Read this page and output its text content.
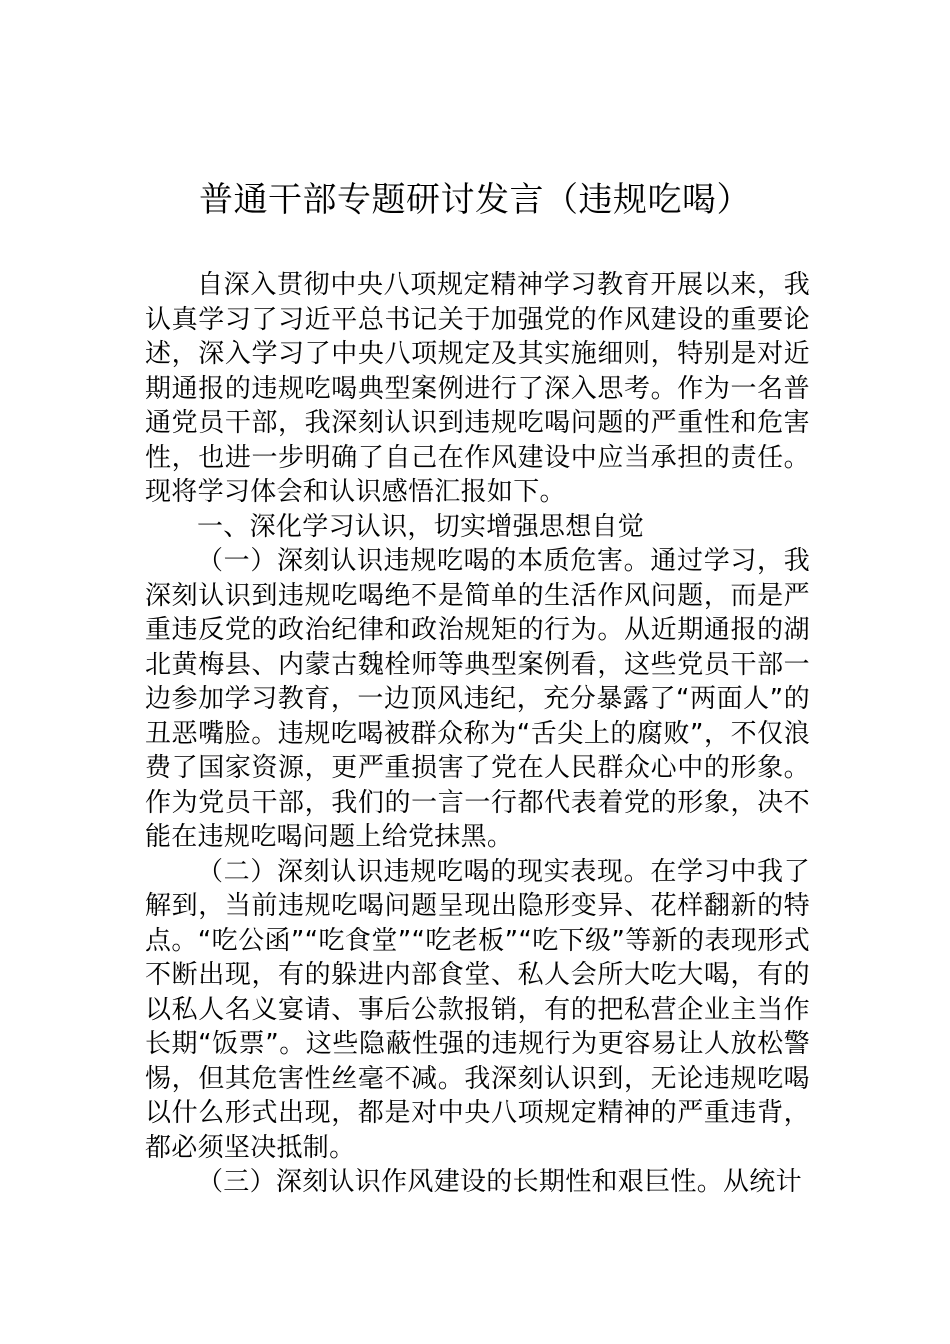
普通干部专题研讨发言（违规吃喝）

自深入贯彻中央八项规定精神学习教育开展以来，我认真学习了习近平总书记关于加强党的作风建设的重要论述，深入学习了中央八项规定及其实施细则，特别是对近期通报的违规吃喝典型案例进行了深入思考。作为一名普通党员干部，我深刻认识到违规吃喝问题的严重性和危害性，也进一步明确了自己在作风建设中应当承担的责任。现将学习体会和认识感悟汇报如下。

一、深化学习认识，切实增强思想自觉

（一）深刻认识违规吃喝的本质危害。通过学习，我深刻认识到违规吃喝绝不是简单的生活作风问题，而是严重违反党的政治纪律和政治规矩的行为。从近期通报的湖北黄梅县、内蒙古魏栓师等典型案例看，这些党员干部一边参加学习教育，一边顶风违纪，充分暴露了“两面人”的丑恶嘴脸。违规吃喝被群众称为“舌尖上的腐败”，不仅浪费了国家资源，更严重损害了党在人民群众心中的形象。作为党员干部，我们的一言一行都代表着党的形象，决不能在违规吃喝问题上给党抹黑。

（二）深刻认识违规吃喝的现实表现。在学习中我了解到，当前违规吃喝问题呈现出隐形变异、花样翻新的特点。“吃公函”“吃食堂”“吃老板”“吃下级”等新的表现形式不断出现，有的躲进内部食堂、私人会所大吃大喝，有的以私人名义宴请、事后公款报销，有的把私营企业主当作长期“饭票”。这些隐蔽性强的违规行为更容易让人放松警惕，但其危害性丝毫不减。我深刻认识到，无论违规吃喝以什么形式出现，都是对中央八项规定精神的严重违背，都必须坚决抵制。

（三）深刻认识作风建设的长期性和艰巨性。从统计
